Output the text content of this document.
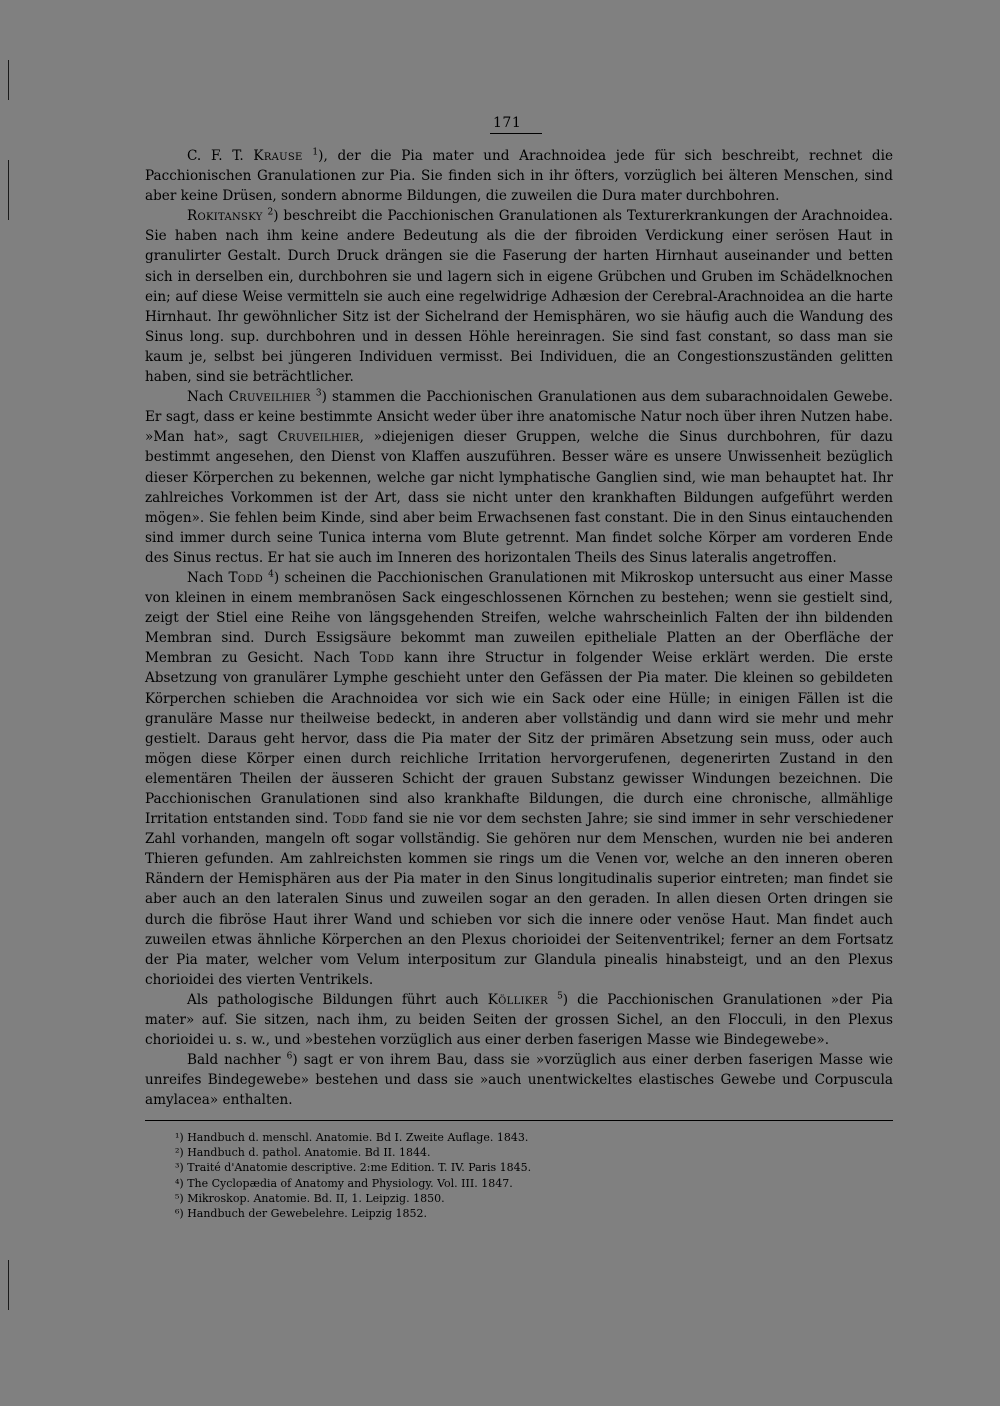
171

C. F. T. Krause $^1$), der die Pia mater und Arachnoidea jede für sich beschreibt, rechnet die Pacchionischen Granulationen zur Pia. Sie finden sich in ihr öfters, vorzüglich bei älteren Menschen, sind aber keine Drüsen, sondern abnorme Bildungen, die zuweilen die Dura mater durchbohren.

Rokitansky $^2$) beschreibt die Pacchionischen Granulationen als Texturerkrankungen der Arachnoidea. Sie haben nach ihm keine andere Bedeutung als die der fibroiden Verdickung einer serösen Haut in granulirter Gestalt. Durch Druck drängen sie die Faserung der harten Hirnhaut auseinander und betten sich in derselben ein, durchbohren sie und lagern sich in eigene Grübchen und Gruben im Schädelknochen ein; auf diese Weise vermitteln sie auch eine regelwidrige Adhæsion der Cerebral-Arachnoidea an die harte Hirnhaut. Ihr gewöhnlicher Sitz ist der Sichelrand der Hemisphären, wo sie häufig auch die Wandung des Sinus long. sup. durchbohren und in dessen Höhle hereinragen. Sie sind fast constant, so dass man sie kaum je, selbst bei jüngeren Individuen vermisst. Bei Individuen, die an Congestionszuständen gelitten haben, sind sie beträchtlicher.

Nach Cruveilhier $^3$) stammen die Pacchionischen Granulationen aus dem subarachnoidalen Gewebe. Er sagt, dass er keine bestimmte Ansicht weder über ihre anatomische Natur noch über ihren Nutzen habe. »Man hat», sagt Cruveilhier, »diejenigen dieser Gruppen, welche die Sinus durchbohren, für dazu bestimmt angesehen, den Dienst von Klaffen auszuführen. Besser wäre es unsere Unwissenheit bezüglich dieser Körperchen zu bekennen, welche gar nicht lymphatische Ganglien sind, wie man behauptet hat. Ihr zahlreiches Vorkommen ist der Art, dass sie nicht unter den krankhaften Bildungen aufgeführt werden mögen». Sie fehlen beim Kinde, sind aber beim Erwachsenen fast constant. Die in den Sinus eintauchenden sind immer durch seine Tunica interna vom Blute getrennt. Man findet solche Körper am vorderen Ende des Sinus rectus. Er hat sie auch im Inneren des horizontalen Theils des Sinus lateralis angetroffen.

Nach Todd $^4$) scheinen die Pacchionischen Granulationen mit Mikroskop untersucht aus einer Masse von kleinen in einem membranösen Sack eingeschlossenen Körnchen zu bestehen; wenn sie gestielt sind, zeigt der Stiel eine Reihe von längsgehenden Streifen, welche wahrscheinlich Falten der ihn bildenden Membran sind. Durch Essigsäure bekommt man zuweilen epitheliale Platten an der Oberfläche der Membran zu Gesicht. Nach Todd kann ihre Structur in folgender Weise erklärt werden. Die erste Absetzung von granulärer Lymphe geschieht unter den Gefässen der Pia mater. Die kleinen so gebildeten Körperchen schieben die Arachnoidea vor sich wie ein Sack oder eine Hülle; in einigen Fällen ist die granuläre Masse nur theilweise bedeckt, in anderen aber vollständig und dann wird sie mehr und mehr gestielt. Daraus geht hervor, dass die Pia mater der Sitz der primären Absetzung sein muss, oder auch mögen diese Körper einen durch reichliche Irritation hervorgerufenen, degenerirten Zustand in den elementären Theilen der äusseren Schicht der grauen Substanz gewisser Windungen bezeichnen. Die Pacchionischen Granulationen sind also krankhafte Bildungen, die durch eine chronische, allmählige Irritation entstanden sind. Todd fand sie nie vor dem sechsten Jahre; sie sind immer in sehr verschiedener Zahl vorhanden, mangeln oft sogar vollständig. Sie gehören nur dem Menschen, wurden nie bei anderen Thieren gefunden. Am zahlreichsten kommen sie rings um die Venen vor, welche an den inneren oberen Rändern der Hemisphären aus der Pia mater in den Sinus longitudinalis superior eintreten; man findet sie aber auch an den lateralen Sinus und zuweilen sogar an den geraden. In allen diesen Orten dringen sie durch die fibröse Haut ihrer Wand und schieben vor sich die innere oder venöse Haut. Man findet auch zuweilen etwas ähnliche Körperchen an den Plexus chorioidei der Seitenventrikel; ferner an dem Fortsatz der Pia mater, welcher vom Velum interpositum zur Glandula pinealis hinabsteigt, und an den Plexus chorioidei des vierten Ventrikels.

Als pathologische Bildungen führt auch Kölliker $^5$) die Pacchionischen Granulationen »der Pia mater» auf. Sie sitzen, nach ihm, zu beiden Seiten der grossen Sichel, an den Flocculi, in den Plexus chorioidei u. s. w., und »bestehen vorzüglich aus einer derben faserigen Masse wie Bindegewebe».

Bald nachher $^6$) sagt er von ihrem Bau, dass sie »vorzüglich aus einer derben faserigen Masse wie unreifes Bindegewebe» bestehen und dass sie »auch unentwickeltes elastisches Gewebe und Corpuscula amylacea» enthalten.

¹) Handbuch d. menschl. Anatomie. Bd I. Zweite Auflage. 1843.
²) Handbuch d. pathol. Anatomie. Bd II. 1844.
³) Traité d'Anatomie descriptive. 2:me Edition. T. IV. Paris 1845.
⁴) The Cyclopædia of Anatomy and Physiology. Vol. III. 1847.
⁵) Mikroskop. Anatomie. Bd. II, 1. Leipzig. 1850.
⁶) Handbuch der Gewebelehre. Leipzig 1852.
